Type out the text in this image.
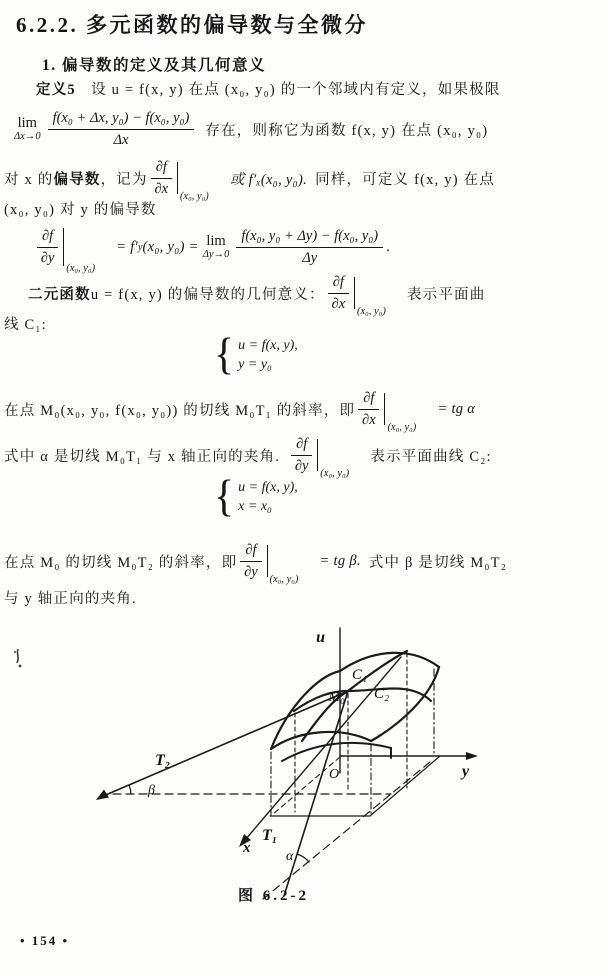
6.2.2. 多元函数的偏导数与全微分
1. 偏导数的定义及其几何意义
定义5 设 u = f(x, y) 在点 (x₀, y₀) 的一个邻域内有定义，如果极限
lim
$\Delta x\to 0 \frac{\text{f(x₀ + Δx, y₀) − f(x₀, y₀)}}{\Delta x}$ 存在，则称它为函数 f(x, y) 在点 (x₀, y₀)
对 x 的 偏导数 ，记为 $\frac{\partial f}{\partial x} (x_0$, y₀)
或 f′ₓ(x₀, y₀). 同样，可定义 f(x, y) 在点
(x₀, y₀) 对 y 的偏导数
$\frac{\partial f}{\partial y}$
(x₀, y₀)
= f′ y (x₀, y₀) = lim
$\Delta y\to 0 \frac{\text{f(x₀, y₀ + Δy) − f(x₀, y₀)}}{\Delta y}$ .
二元函数 u = f(x, y) 的偏导数的几何意义： $\frac{\partial f}{\partial x} (x_0$, y₀)
表示平面曲
线 C₁:
{ u = f(x, y),
y = y₀
在点 M₀(x₀, y₀, f(x₀, y₀)) 的切线 M₀T₁ 的斜率，即 $\frac{\partial f}{\partial x} (x_0$, y₀)
= tg α
式中 α 是切线 M₀T₁ 与 x 轴正向的夹角. $\frac{\partial f}{\partial y} (x_0$, y₀)
表示平面曲线 C₂:
{ u = f(x, y),
x = x₀
在点 M₀ 的切线 M₀T₂ 的斜率，即 $\frac{\partial f}{\partial y} (x_0$, y₀)
= tg β. 式中 β 是切线 M₀T₂
与 y 轴正向的夹角.
u
y
x
O
C₁
C₂
M₀
T₂
T₁
α
β
图 6.2-2
• 154 •
